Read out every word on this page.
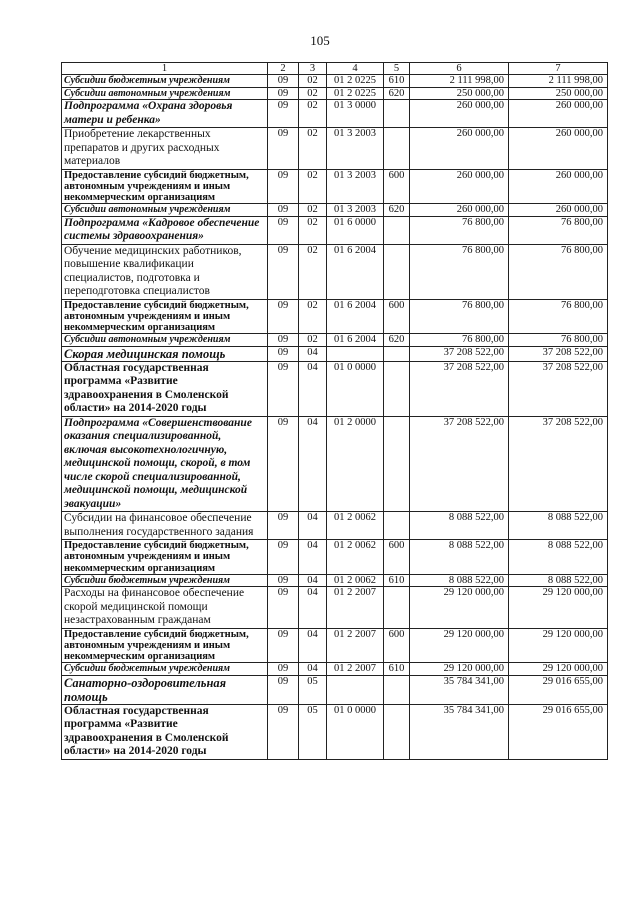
105
1	2	3	4	5	6	7
Субсидии бюджетным учреждениям	09	02	01 2 0225	610	2 111 998,00	2 111 998,00
Субсидии автономным учреждениям	09	02	01 2 0225	620	250 000,00	250 000,00
Подпрограмма «Охрана здоровья матери и ребенка»	09	02	01 3 0000		260 000,00	260 000,00
Приобретение лекарственных препаратов и других расходных материалов	09	02	01 3 2003		260 000,00	260 000,00
Предоставление субсидий бюджетным, автономным учреждениям и иным некоммерческим организациям	09	02	01 3 2003	600	260 000,00	260 000,00
Субсидии автономным учреждениям	09	02	01 3 2003	620	260 000,00	260 000,00
Подпрограмма «Кадровое обеспечение системы здравоохранения»	09	02	01 6 0000		76 800,00	76 800,00
Обучение медицинских работников, повышение квалификации специалистов, подготовка и переподготовка специалистов	09	02	01 6 2004		76 800,00	76 800,00
Предоставление субсидий бюджетным, автономным учреждениям и иным некоммерческим организациям	09	02	01 6 2004	600	76 800,00	76 800,00
Субсидии автономным учреждениям	09	02	01 6 2004	620	76 800,00	76 800,00
Скорая медицинская помощь	09	04			37 208 522,00	37 208 522,00
Областная государственная программа «Развитие здравоохранения в Смоленской области» на 2014-2020 годы	09	04	01 0 0000		37 208 522,00	37 208 522,00
Подпрограмма «Совершенствование оказания специализированной, включая высокотехнологичную, медицинской помощи, скорой, в том числе скорой специализированной, медицинской помощи, медицинской эвакуации»	09	04	01 2 0000		37 208 522,00	37 208 522,00
Субсидии на финансовое обеспечение выполнения государственного задания	09	04	01 2 0062		8 088 522,00	8 088 522,00
Предоставление субсидий бюджетным, автономным учреждениям и иным некоммерческим организациям	09	04	01 2 0062	600	8 088 522,00	8 088 522,00
Субсидии бюджетным учреждениям	09	04	01 2 0062	610	8 088 522,00	8 088 522,00
Расходы на финансовое обеспечение скорой медицинской помощи незастрахованным гражданам	09	04	01 2 2007		29 120 000,00	29 120 000,00
Предоставление субсидий бюджетным, автономным учреждениям и иным некоммерческим организациям	09	04	01 2 2007	600	29 120 000,00	29 120 000,00
Субсидии бюджетным учреждениям	09	04	01 2 2007	610	29 120 000,00	29 120 000,00
Санаторно-оздоровительная помощь	09	05			35 784 341,00	29 016 655,00
Областная государственная программа «Развитие здравоохранения в Смоленской области» на 2014-2020 годы	09	05	01 0 0000		35 784 341,00	29 016 655,00
